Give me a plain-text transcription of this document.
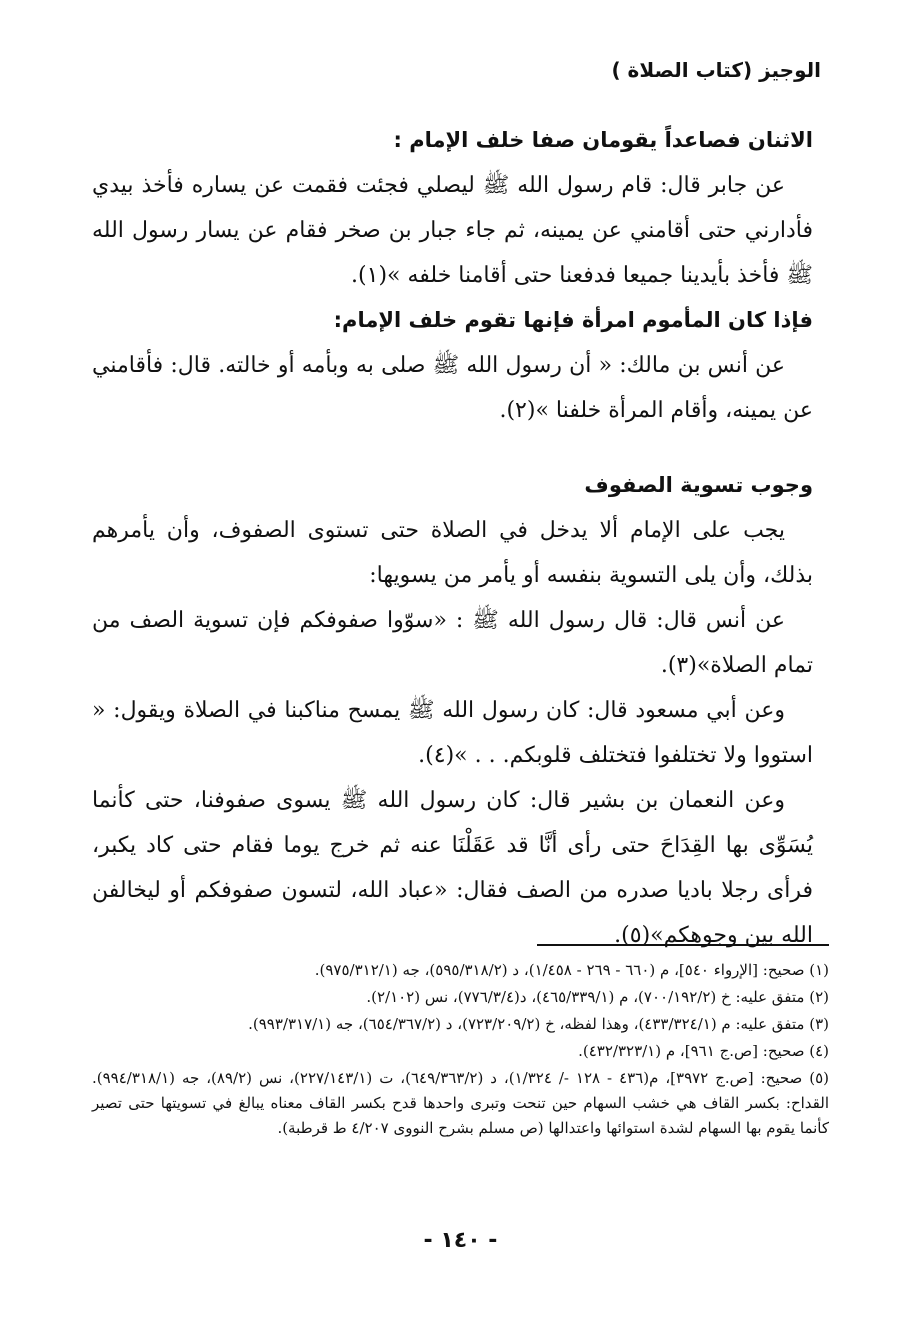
الوجيز (كتاب الصلاة )

الاثنان فصاعداً يقومان صفا خلف الإمام :

عن جابر قال: قام رسول الله ﷺ ليصلي فجئت فقمت عن يساره فأخذ بيدي فأدارني حتى أقامني عن يمينه، ثم جاء جبار بن صخر فقام عن يسار رسول الله ﷺ فأخذ بأيدينا جميعا فدفعنا حتى أقامنا خلفه »(١).

فإذا كان المأموم امرأة فإنها تقوم خلف الإمام:

عن أنس بن مالك: « أن رسول الله ﷺ صلى به وبأمه أو خالته. قال: فأقامني عن يمينه، وأقام المرأة خلفنا »(٢).

وجوب تسوية الصفوف

يجب على الإمام ألا يدخل في الصلاة حتى تستوى الصفوف، وأن يأمرهم بذلك، وأن يلى التسوية بنفسه أو يأمر من يسويها:

عن أنس قال: قال رسول الله ﷺ : «سوّوا صفوفكم فإن تسوية الصف من تمام الصلاة»(٣).

وعن أبي مسعود قال: كان رسول الله ﷺ يمسح مناكبنا في الصلاة ويقول: « استووا ولا تختلفوا فتختلف قلوبكم. . . »(٤).

وعن النعمان بن بشير قال: كان رسول الله ﷺ يسوى صفوفنا، حتى كأنما يُسَوِّى بها القِدَاحَ حتى رأى أنَّا قد عَقَلْنَا عنه ثم خرج يوما فقام حتى كاد يكبر، فرأى رجلا باديا صدره من الصف فقال: «عباد الله، لتسون صفوفكم أو ليخالفن الله بين وجوهكم»(٥).

(١) صحيح: [الإرواء ٥٤٠]، م (٦٦٠ - ٢٦٩ - ١/٤٥٨)، د (٥٩٥/٣١٨/٢)، جه (٩٧٥/٣١٢/١).

(٢) متفق عليه: خ (٧٠٠/١٩٢/٢)، م (٤٦٥/٣٣٩/١)، د(٧٧٦/٣/٤)، نس (٢/١٠٢).

(٣) متفق عليه: م (٤٣٣/٣٢٤/١)، وهذا لفظه، خ (٧٢٣/٢٠٩/٢)، د (٦٥٤/٣٦٧/٢)، جه (٩٩٣/٣١٧/١).

(٤) صحيح: [ص.ج ٩٦١]، م (٤٣٢/٣٢٣/١).

(٥) صحيح: [ص.ج ٣٩٧٢]، م(٤٣٦ - ١٢٨ -/ ١/٣٢٤)، د (٦٤٩/٣٦٣/٢)، ت (٢٢٧/١٤٣/١)، نس (٨٩/٢)، جه (٩٩٤/٣١٨/١). القداح: بكسر القاف هي خشب السهام حين تنحت وتبرى واحدها قدح بكسر القاف معناه يبالغ في تسويتها حتى تصير كأنما يقوم بها السهام لشدة استوائها واعتدالها (ص مسلم بشرح النووى ٤/٢٠٧ ط قرطبة).

- ١٤٠ -
